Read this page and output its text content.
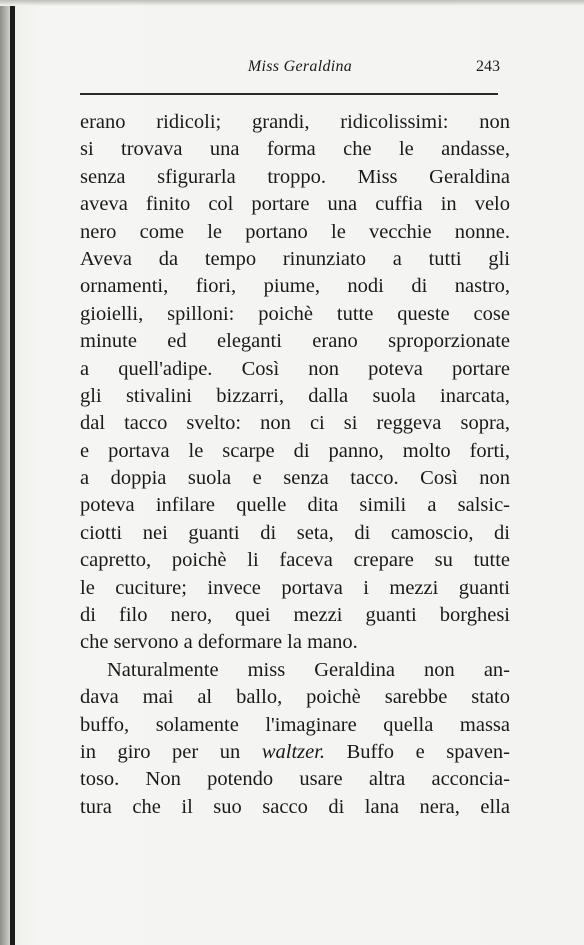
Miss Geraldina	243
erano ridicoli; grandi, ridicolissimi: non
si trovava una forma che le andasse,
senza sfigurarla troppo. Miss Geraldina
aveva finito col portare una cuffia in velo
nero come le portano le vecchie nonne.
Aveva da tempo rinunziato a tutti gli
ornamenti, fiori, piume, nodi di nastro,
gioielli, spilloni: poichè tutte queste cose
minute ed eleganti erano sproporzionate
a quell'adipe. Così non poteva portare
gli stivalini bizzarri, dalla suola inarcata,
dal tacco svelto: non ci si reggeva sopra,
e portava le scarpe di panno, molto forti,
a doppia suola e senza tacco. Così non
poteva infilare quelle dita simili a salsic-
ciotti nei guanti di seta, di camoscio, di
capretto, poichè li faceva crepare su tutte
le cuciture; invece portava i mezzi guanti
di filo nero, quei mezzi guanti borghesi
che servono a deformare la mano.
Naturalmente miss Geraldina non an-
dava mai al ballo, poichè sarebbe stato
buffo, solamente l'imaginare quella massa
in giro per un waltzer. Buffo e spaven-
toso. Non potendo usare altra acconcia-
tura che il suo sacco di lana nera, ella
